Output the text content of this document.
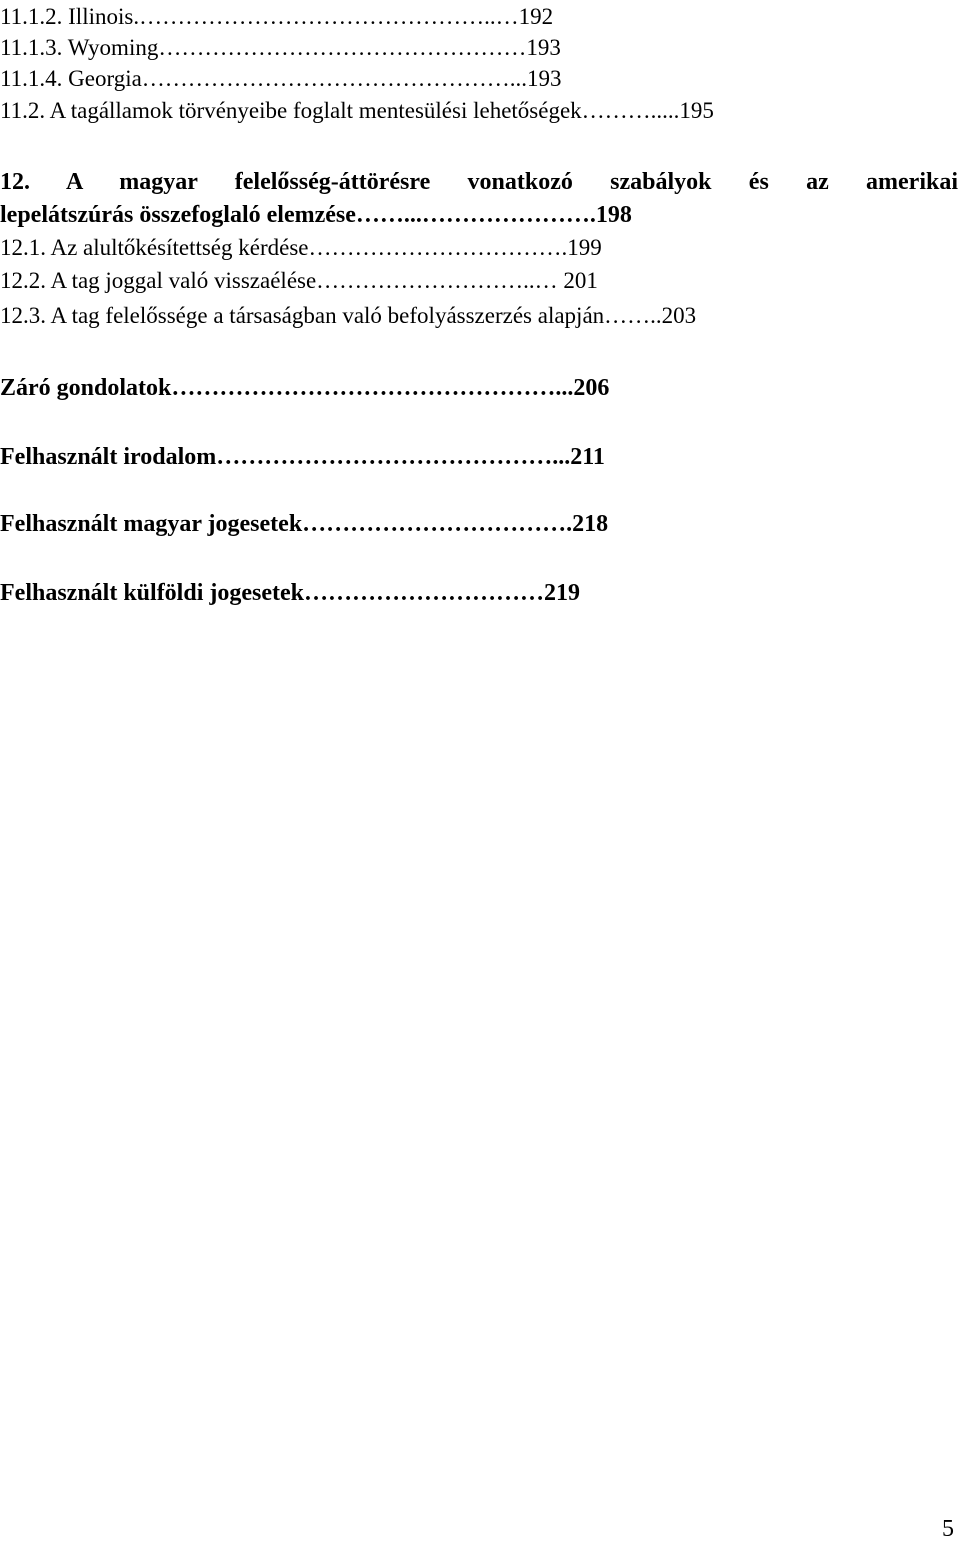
11.1.2. Illinois.………………………………………..…192
11.1.3. Wyoming…………………………………………193
11.1.4. Georgia…………………………………………...193
11.2. A tagállamok törvényeibe foglalt mentesülési lehetőségek……….....195
12. A magyar felelősség-áttörésre vonatkozó szabályok és az amerikai
lepelátszúrás összefoglaló elemzése……...………………….198
12.1. Az alultőkésítettség kérdése…………………………….199
12.2. A tag joggal való visszaélése………………………..… 201
12.3. A tag felelőssége a társaságban való befolyásszerzés alapján……..203
Záró gondolatok…………………………………………...206
Felhasznált irodalom……………………………………...211
Felhasznált magyar jogesetek…………………………….218
Felhasznált külföldi jogesetek…………………………219
5
